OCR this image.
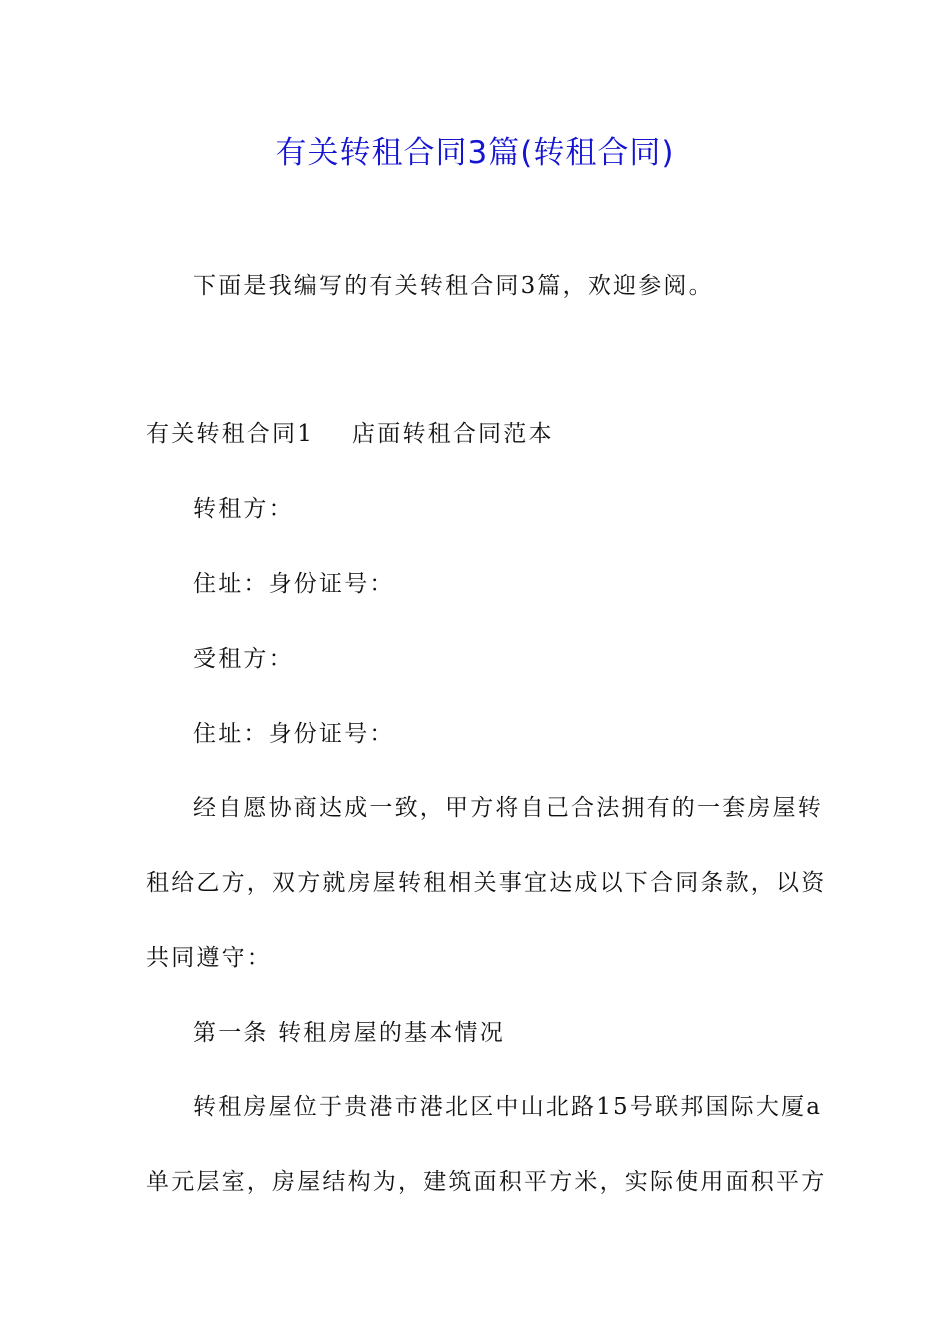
有关转租合同3篇(转租合同)
下面是我编写的有关转租合同3篇，欢迎参阅。
有关转租合同1 店面转租合同范本
转租方：
住址：身份证号：
受租方：
住址：身份证号：
经自愿协商达成一致，甲方将自己合法拥有的一套房屋转
租给乙方，双方就房屋转租相关事宜达成以下合同条款，以资
共同遵守：
第一条 转租房屋的基本情况
转租房屋位于贵港市港北区中山北路15号联邦国际大厦a
单元层室，房屋结构为，建筑面积平方米，实际使用面积平方
